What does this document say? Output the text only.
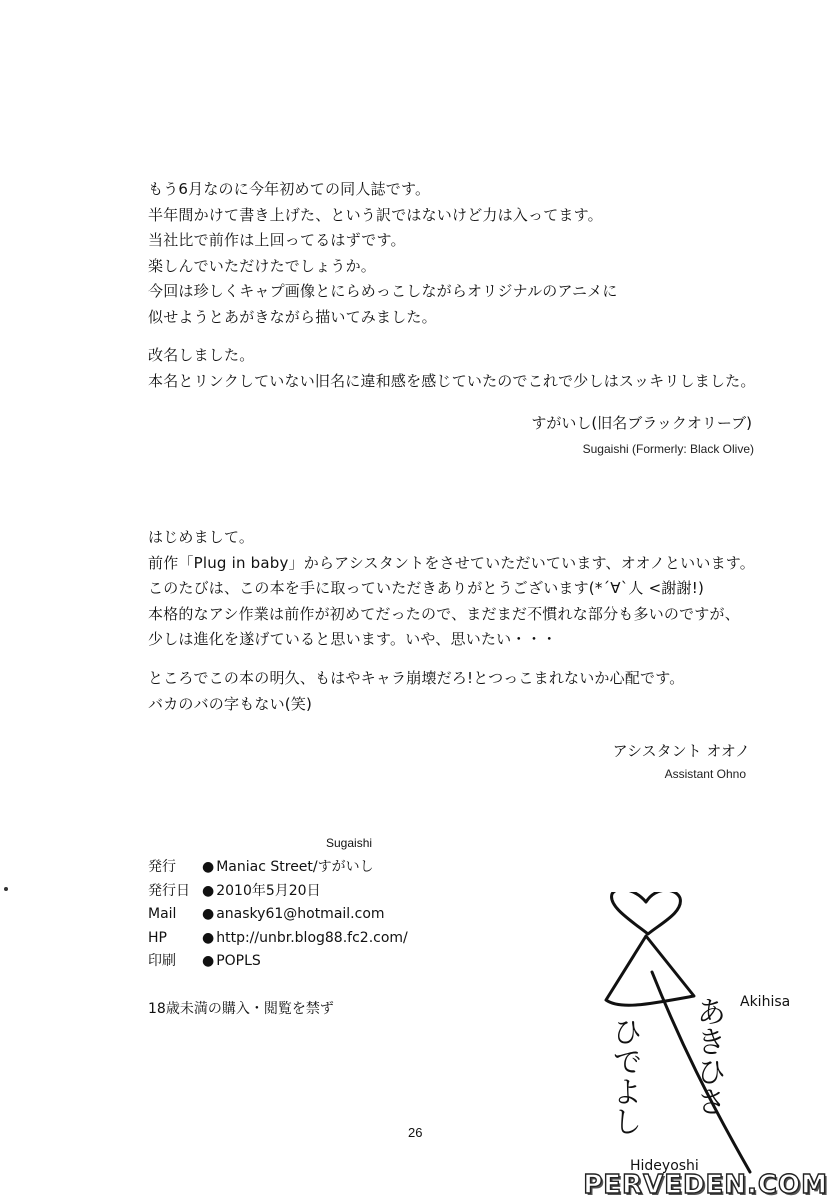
もう6月なのに今年初めての同人誌です。
半年間かけて書き上げた、という訳ではないけど力は入ってます。
当社比で前作は上回ってるはずです。
楽しんでいただけたでしょうか。
今回は珍しくキャプ画像とにらめっこしながらオリジナルのアニメに
似せようとあがきながら描いてみました。
改名しました。
本名とリンクしていない旧名に違和感を感じていたのでこれで少しはスッキリしました。
すがいし(旧名ブラックオリーブ)
Sugaishi (Formerly: Black Olive)
はじめまして。
前作「Plug in baby」からアシスタントをさせていただいています、オオノといいます。
このたびは、この本を手に取っていただきありがとうございます(*´∀`人 <謝謝!)
本格的なアシ作業は前作が初めてだったので、まだまだ不慣れな部分も多いのですが、
少しは進化を遂げていると思います。いや、思いたい・・・
ところでこの本の明久、もはやキャラ崩壊だろ!とつっこまれないか心配です。
バカのバの字もない(笑)
アシスタント オオノ
Assistant Ohno
Sugaishi
発行	● Maniac Street/すがいし
発行日	● 2010年5月20日
Mail	● anasky61@hotmail.com
HP	● http://unbr.blog88.fc2.com/
印刷	● POPLS
18歳未満の購入・閲覧を禁ず	あきひさ
ひでよし
Akihisa
Hideyoshi
26
PERVEDEN.COM
